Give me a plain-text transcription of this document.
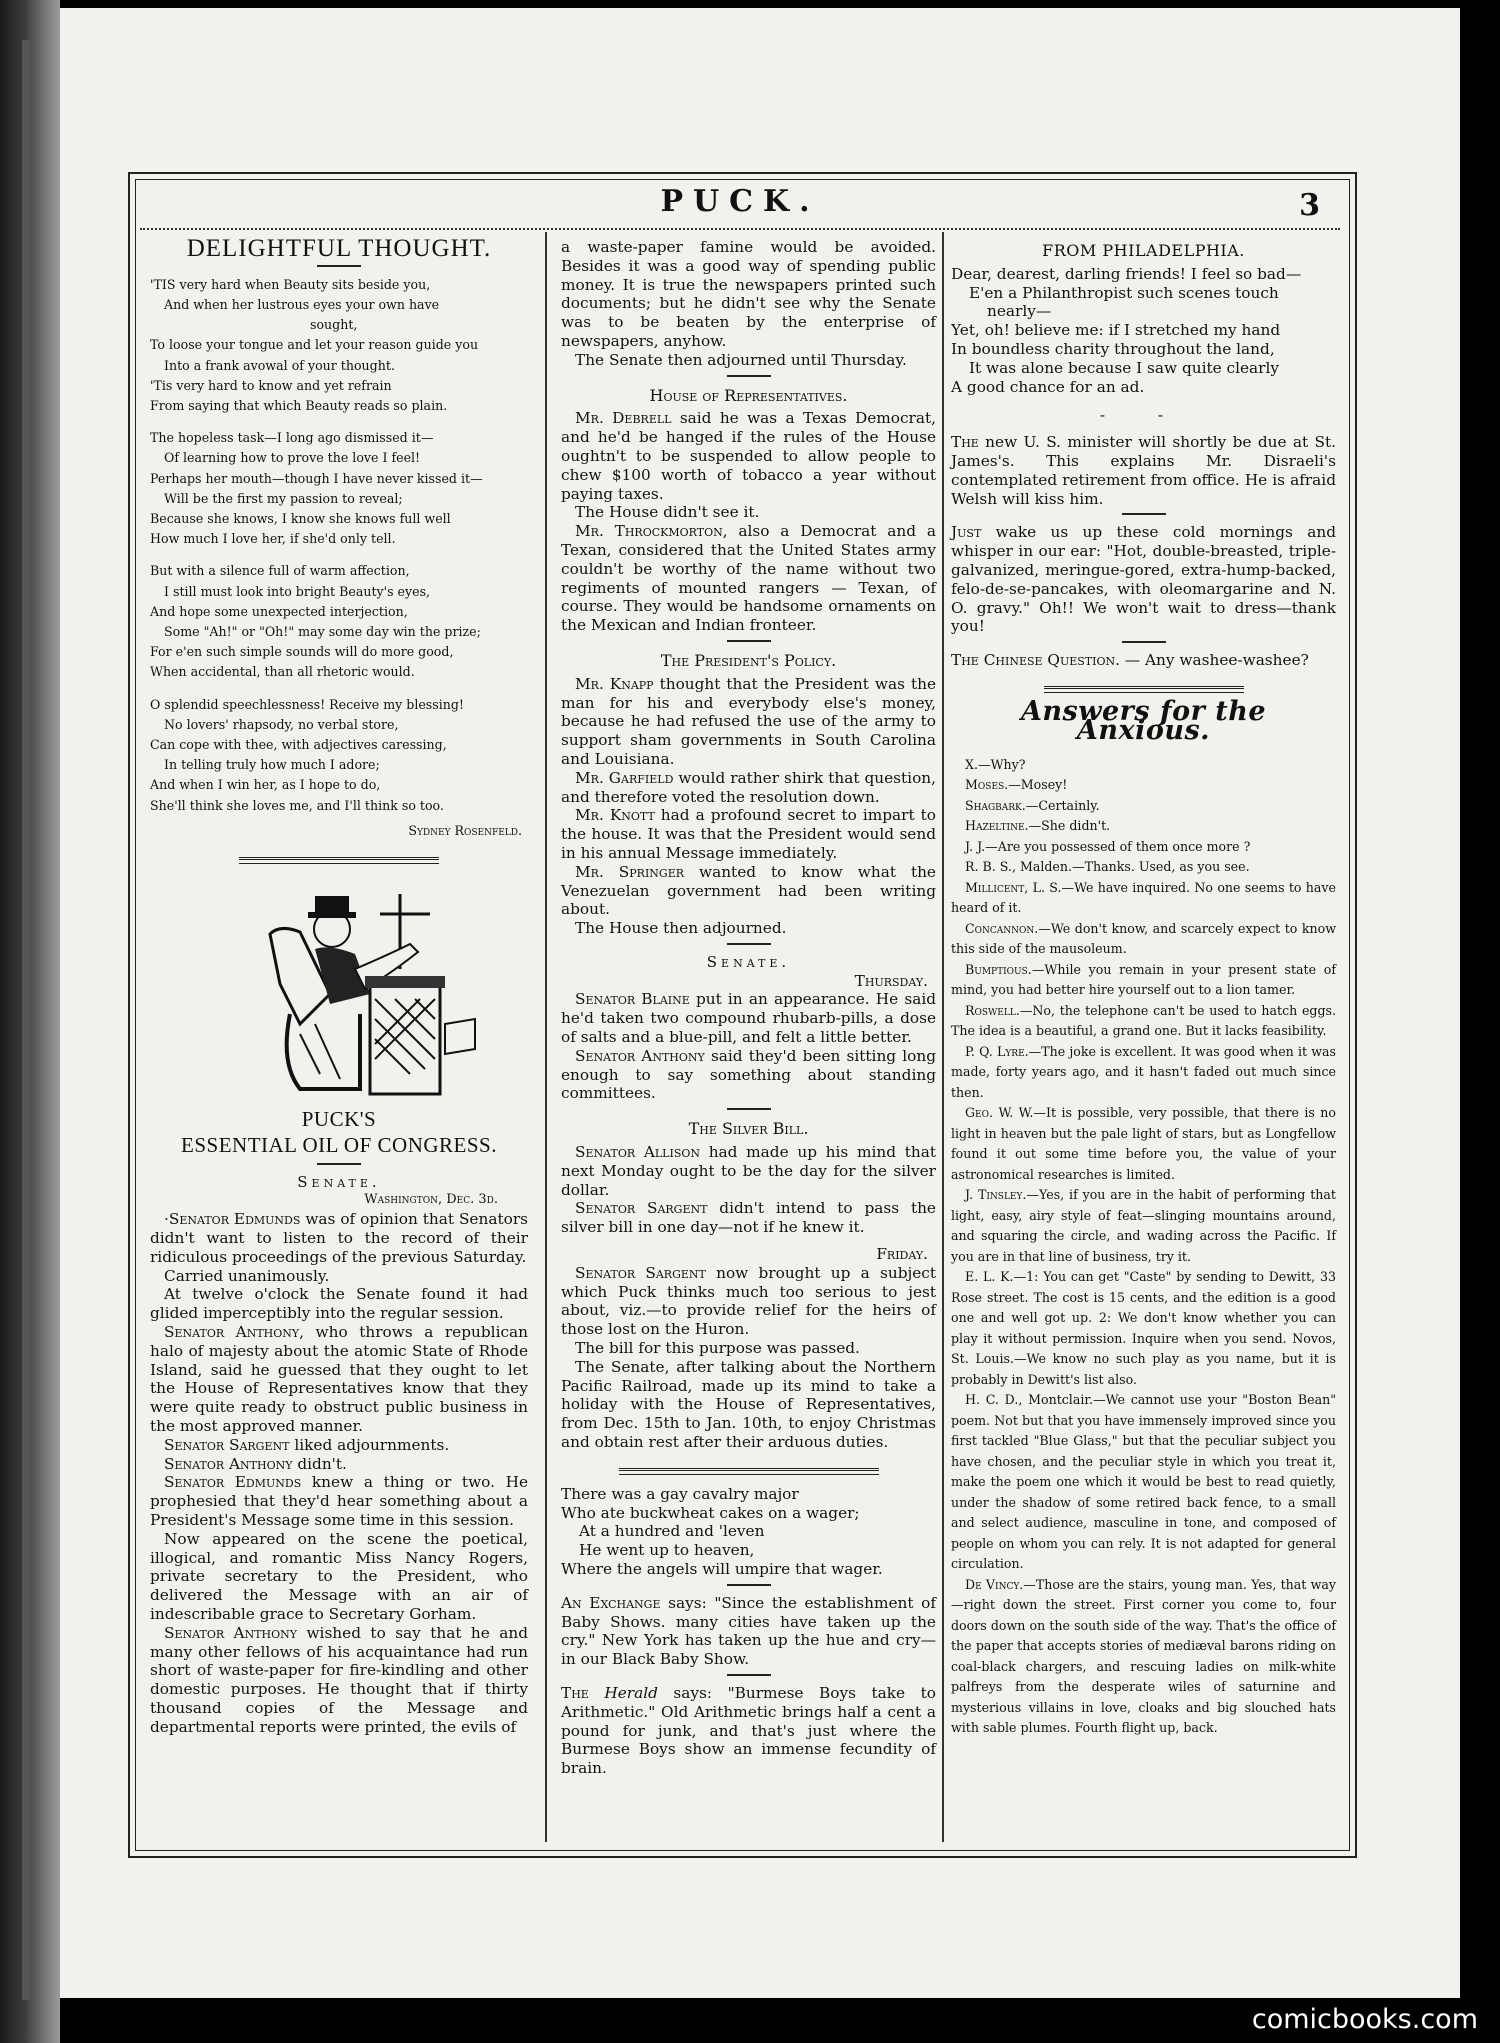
PUCK.	3
DELIGHTFUL THOUGHT.
'TIS very hard when Beauty sits beside you,
And when her lustrous eyes your own have
sought,
To loose your tongue and let your reason guide you
Into a frank avowal of your thought.
'Tis very hard to know and yet refrain
From saying that which Beauty reads so plain.
The hopeless task—I long ago dismissed it—
Of learning how to prove the love I feel!
Perhaps her mouth—though I have never kissed it—
Will be the first my passion to reveal;
Because she knows, I know she knows full well
How much I love her, if she'd only tell.
But with a silence full of warm affection,
I still must look into bright Beauty's eyes,
And hope some unexpected interjection,
Some "Ah!" or "Oh!" may some day win the prize;
For e'en such simple sounds will do more good,
When accidental, than all rhetoric would.
O splendid speechlessness! Receive my blessing!
No lovers' rhapsody, no verbal store,
Can cope with thee, with adjectives caressing,
In telling truly how much I adore;
And when I win her, as I hope to do,
She'll think she loves me, and I'll think so too.
Sydney Rosenfeld.
PUCK'S
ESSENTIAL OIL OF CONGRESS.
Senate.
Washington, Dec. 3d.

·Senator Edmunds was of opinion that Senators didn't want to listen to the record of their ridiculous proceedings of the previous Saturday.

Carried unanimously.

At twelve o'clock the Senate found it had glided imperceptibly into the regular session.

Senator Anthony, who throws a republican halo of majesty about the atomic State of Rhode Island, said he guessed that they ought to let the House of Representatives know that they were quite ready to obstruct public business in the most approved manner.

Senator Sargent liked adjournments.

Senator Anthony didn't.

Senator Edmunds knew a thing or two. He prophesied that they'd hear something about a President's Message some time in this session.

Now appeared on the scene the poetical, illogical, and romantic Miss Nancy Rogers, private secretary to the President, who delivered the Message with an air of indescribable grace to Secretary Gorham.

Senator Anthony wished to say that he and many other fellows of his acquaintance had run short of waste-paper for fire-kindling and other domestic purposes. He thought that if thirty thousand copies of the Message and departmental reports were printed, the evils of

a waste-paper famine would be avoided. Besides it was a good way of spending public money. It is true the newspapers printed such documents; but he didn't see why the Senate was to be beaten by the enterprise of newspapers, anyhow.

The Senate then adjourned until Thursday.

House of Representatives.

Mr. Debrell said he was a Texas Democrat, and he'd be hanged if the rules of the House oughtn't to be suspended to allow people to chew $100 worth of tobacco a year without paying taxes.

The House didn't see it.

Mr. Throckmorton, also a Democrat and a Texan, considered that the United States army couldn't be worthy of the name without two regiments of mounted rangers — Texan, of course. They would be handsome ornaments on the Mexican and Indian fronteer.

The President's Policy.

Mr. Knapp thought that the President was the man for his and everybody else's money, because he had refused the use of the army to support sham governments in South Carolina and Louisiana.

Mr. Garfield would rather shirk that question, and therefore voted the resolution down.

Mr. Knott had a profound secret to impart to the house. It was that the President would send in his annual Message immediately.

Mr. Springer wanted to know what the Venezuelan government had been writing about.

The House then adjourned.

Senate.
Thursday.

Senator Blaine put in an appearance. He said he'd taken two compound rhubarb-pills, a dose of salts and a blue-pill, and felt a little better.

Senator Anthony said they'd been sitting long enough to say something about standing committees.

The Silver Bill.

Senator Allison had made up his mind that next Monday ought to be the day for the silver dollar.

Senator Sargent didn't intend to pass the silver bill in one day—not if he knew it.

Friday.

Senator Sargent now brought up a subject which Puck thinks much too serious to jest about, viz.—to provide relief for the heirs of those lost on the Huron.

The bill for this purpose was passed.

The Senate, after talking about the Northern Pacific Railroad, made up its mind to take a holiday with the House of Representatives, from Dec. 15th to Jan. 10th, to enjoy Christmas and obtain rest after their arduous duties.

There was a gay cavalry major
Who ate buckwheat cakes on a wager;
At a hundred and 'leven
He went up to heaven,
Where the angels will umpire that wager.

An Exchange says: "Since the establishment of Baby Shows. many cities have taken up the cry." New York has taken up the hue and cry—in our Black Baby Show.

The Herald says: "Burmese Boys take to Arithmetic." Old Arithmetic brings half a cent a pound for junk, and that's just where the Burmese Boys show an immense fecundity of brain.

FROM PHILADELPHIA.
Dear, dearest, darling friends! I feel so bad—
E'en a Philanthropist such scenes touch
nearly—
Yet, oh! believe me: if I stretched my hand
In boundless charity throughout the land,
It was alone because I saw quite clearly
A good chance for an ad.
- -

The new U. S. minister will shortly be due at St. James's. This explains Mr. Disraeli's contemplated retirement from office. He is afraid Welsh will kiss him.

Just wake us up these cold mornings and whisper in our ear: "Hot, double-breasted, triple-galvanized, meringue-gored, extra-hump-backed, felo-de-se-pancakes, with oleomargarine and N. O. gravy." Oh!! We won't wait to dress—thank you!

The Chinese Question. — Any washee-washee?

Answers for the Anxious.

X.—Why?

Moses.—Mosey!

Shagbark.—Certainly.

Hazeltine.—She didn't.

J. J.—Are you possessed of them once more ?

R. B. S., Malden.—Thanks. Used, as you see.

Millicent, L. S.—We have inquired. No one seems to have heard of it.

Concannon.—We don't know, and scarcely expect to know this side of the mausoleum.

Bumptious.—While you remain in your present state of mind, you had better hire yourself out to a lion tamer.

Roswell.—No, the telephone can't be used to hatch eggs. The idea is a beautiful, a grand one. But it lacks feasibility.

P. Q. Lyre.—The joke is excellent. It was good when it was made, forty years ago, and it hasn't faded out much since then.

Geo. W. W.—It is possible, very possible, that there is no light in heaven but the pale light of stars, but as Longfellow found it out some time before you, the value of your astronomical researches is limited.

J. Tinsley.—Yes, if you are in the habit of performing that light, easy, airy style of feat—slinging mountains around, and squaring the circle, and wading across the Pacific. If you are in that line of business, try it.

E. L. K.—1: You can get "Caste" by sending to Dewitt, 33 Rose street. The cost is 15 cents, and the edition is a good one and well got up. 2: We don't know whether you can play it without permission. Inquire when you send. Novos, St. Louis.—We know no such play as you name, but it is probably in Dewitt's list also.

H. C. D., Montclair.—We cannot use your "Boston Bean" poem. Not but that you have immensely improved since you first tackled "Blue Glass," but that the peculiar subject you have chosen, and the peculiar style in which you treat it, make the poem one which it would be best to read quietly, under the shadow of some retired back fence, to a small and select audience, masculine in tone, and composed of people on whom you can rely. It is not adapted for general circulation.

De Vincy.—Those are the stairs, young man. Yes, that way—right down the street. First corner you come to, four doors down on the south side of the way. That's the office of the paper that accepts stories of mediæval barons riding on coal-black chargers, and rescuing ladies on milk-white palfreys from the desperate wiles of saturnine and mysterious villains in love, cloaks and big slouched hats with sable plumes. Fourth flight up, back.

comicbooks.com
